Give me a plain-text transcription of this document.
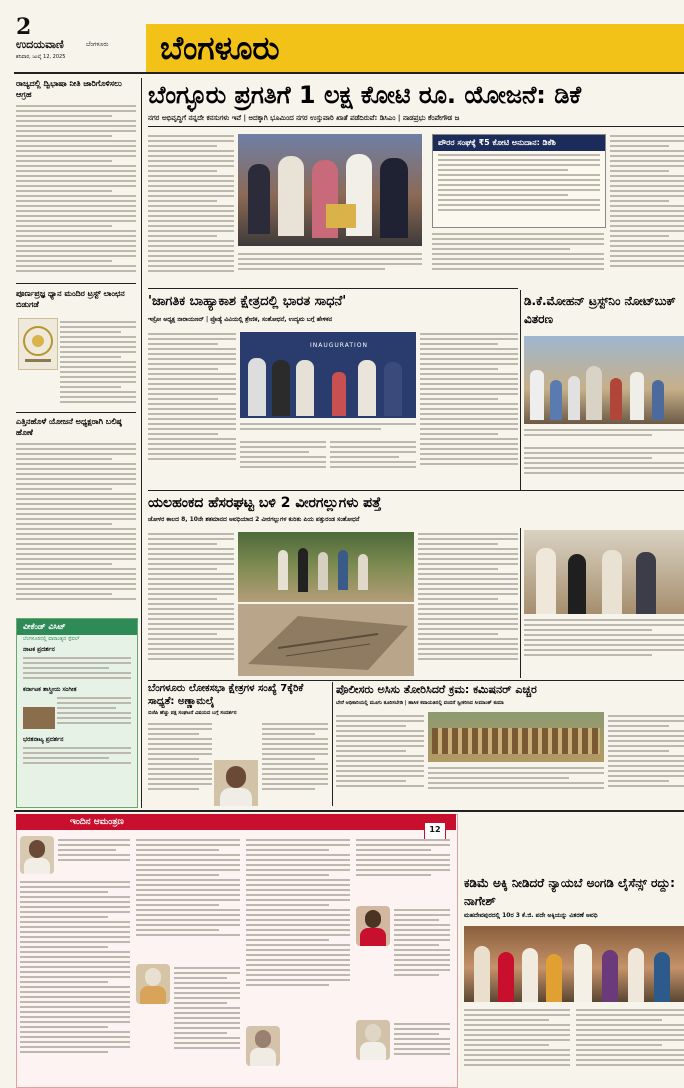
2
ಉದಯವಾಣಿ	ಬೆಂಗಳೂರು
ಶನಿವಾರ, ಜುಲೈ 12, 2025	ಬೆಂಗಳೂರು
ರಾಜ್ಯದಲ್ಲಿ ದ್ವಿಭಾಷಾ ನೀತಿ ಜಾರಿಗೊಳಿಸಲು ಆಗ್ರಹ
ಪೂರ್ಣಪ್ರಜ್ಞ ಧ್ಯಾನ ಮಂದಿರ ಟ್ರಸ್ಟ್ ಲಾಂಛನ ಬಿಡುಗಡೆ
ಎತ್ತಿನಹೊಳೆ ಯೋಜನೆ ಅಧ್ಯಕ್ಷರಾಗಿ ಬಲಿಷ್ಠ ಹೊಣೆ
ವೀಕೆಂಡ್ ವಿಸಿಟ್
ಬೆಂಗಳೂರಿನಲ್ಲಿ ವಾರಾಂತ್ಯದ ಸ್ಪೆಷಲ್
ನಾಟಕ ಪ್ರದರ್ಶನ
ಕರ್ನಾಟಕ ಶಾಸ್ತ್ರೀಯ ಸಂಗೀತ
ಭರತನಾಟ್ಯ ಪ್ರದರ್ಶನ
ಬೆಂಗ್ಳೂರು ಪ್ರಗತಿಗೆ 1 ಲಕ್ಷ ಕೋಟಿ ರೂ. ಯೋಜನೆ: ಡಿಕೆ
ನಗರ ಅಭಿವೃದ್ಧಿಗೆ ನನ್ನದೇ ಕನಸುಗಳು ಇವೆ | ಅದಕ್ಕಾಗಿ ಭೂಮಿಂದ ನಗರ ಉಸ್ತುವಾರಿ ಖಾತೆ ಪಡೆದಿರುವೆ: ಡಿಸಿಎಂ | ನಾಡಪ್ರಭು ಕೆಂಪೇಗೌಡ ಜ
ಪೌರರ ಸಂಘಕ್ಕೆ ₹5 ಕೋಟಿ ಅನುದಾನ: ಡಿಕೆಶಿ
'ಜಾಗತಿಕ ಬಾಹ್ಯಾಕಾಶ ಕ್ಷೇತ್ರದಲ್ಲಿ ಭಾರತ ಸಾಧನೆ'
ಇಸ್ರೋ ಅಧ್ಯಕ್ಷ ನಾರಾಯಣನ್ | ಪ್ರೊಡ್ಯೆ ವಿವಿಯಲ್ಲಿ ಶ್ರೇಣಿಕ, ಸಂಶೋಧನೆ, ಉದ್ಯಮ ಬಗ್ಗೆ ಹೇಳಿಕನ
INAUGURATION
ಡಿ.ಕೆ.ಮೋಹನ್ ಟ್ರಸ್ಟ್‌ನಿಂ ನೋಟ್‌ಬುಕ್ ವಿತರಣ
ಯಲಹಂಕದ ಹೆಸರಘಟ್ಟ ಬಳಿ 2 ವೀರಗಲ್ಲುಗಳು ಪತ್ತೆ
ಚೋಳರ ಕಾಲದ 8, 10ನೇ ಶತಮಾನದ ಅವಧಿಯಾದ 2 ವೀರಗಲ್ಲುಗಳ ಕುರಿತು ಪಿಯ ಪತ್ತುರಂಡ ಸಂಶೋಧನೆ
ಬೆಂಗಳೂರು ಲೋಕಸಭಾ ಕ್ಷೇತ್ರಗಳ ಸಂಖ್ಯೆ 7ಕ್ಕೆರಿಕೆ ಸಾಧ್ಯತೆ: ಅಣ್ಣಾಮಲೈ
ಬಿಜೆಪಿ ಹೆಚ್ಚು ಪಕ್ಷ ಸಂಘಟನೆ ವಿಷಯದ ಬಗ್ಗೆ ಸಂದರ್ಶನ
ಪೊಲೀಸರು ಅಸಿಸು ತೋರಿಸಿದರೆ ಕ್ರಮ: ಕಮಿಷನರ್ ಎಚ್ಚರ
ಬೇರೆ ಅಧಿಕಾರಿಯಲ್ಲಿ ಮೂಗು ತೂರಿಸಬೇಡಿ | ಹಾಸಿಕ ಕವಾಯತಿನಲ್ಲಿ ವಂದನೆ ಸ್ವೀಕರಿಸಿದ ಸೀಮಾಂತ್ ಕುಮಾ
ಇಂದಿನ ಆಮಂತ್ರಣ
12
ಕಡಿಮೆ ಅಕ್ಕಿ ನೀಡಿದರೆ ನ್ಯಾಯಬೆ ಅಂಗಡಿ ಲೈಸೆನ್ಸ್ ರದ್ದು: ನಾಗೇಶ್
ಮಹದೇವಪುರದಲ್ಲಿ 10ರ 3 ಕೆ.ಜಿ. ಪದೇ ಅಕ್ಕಿಯನ್ನು ವಿತರಣೆ ಅವಧಿ
